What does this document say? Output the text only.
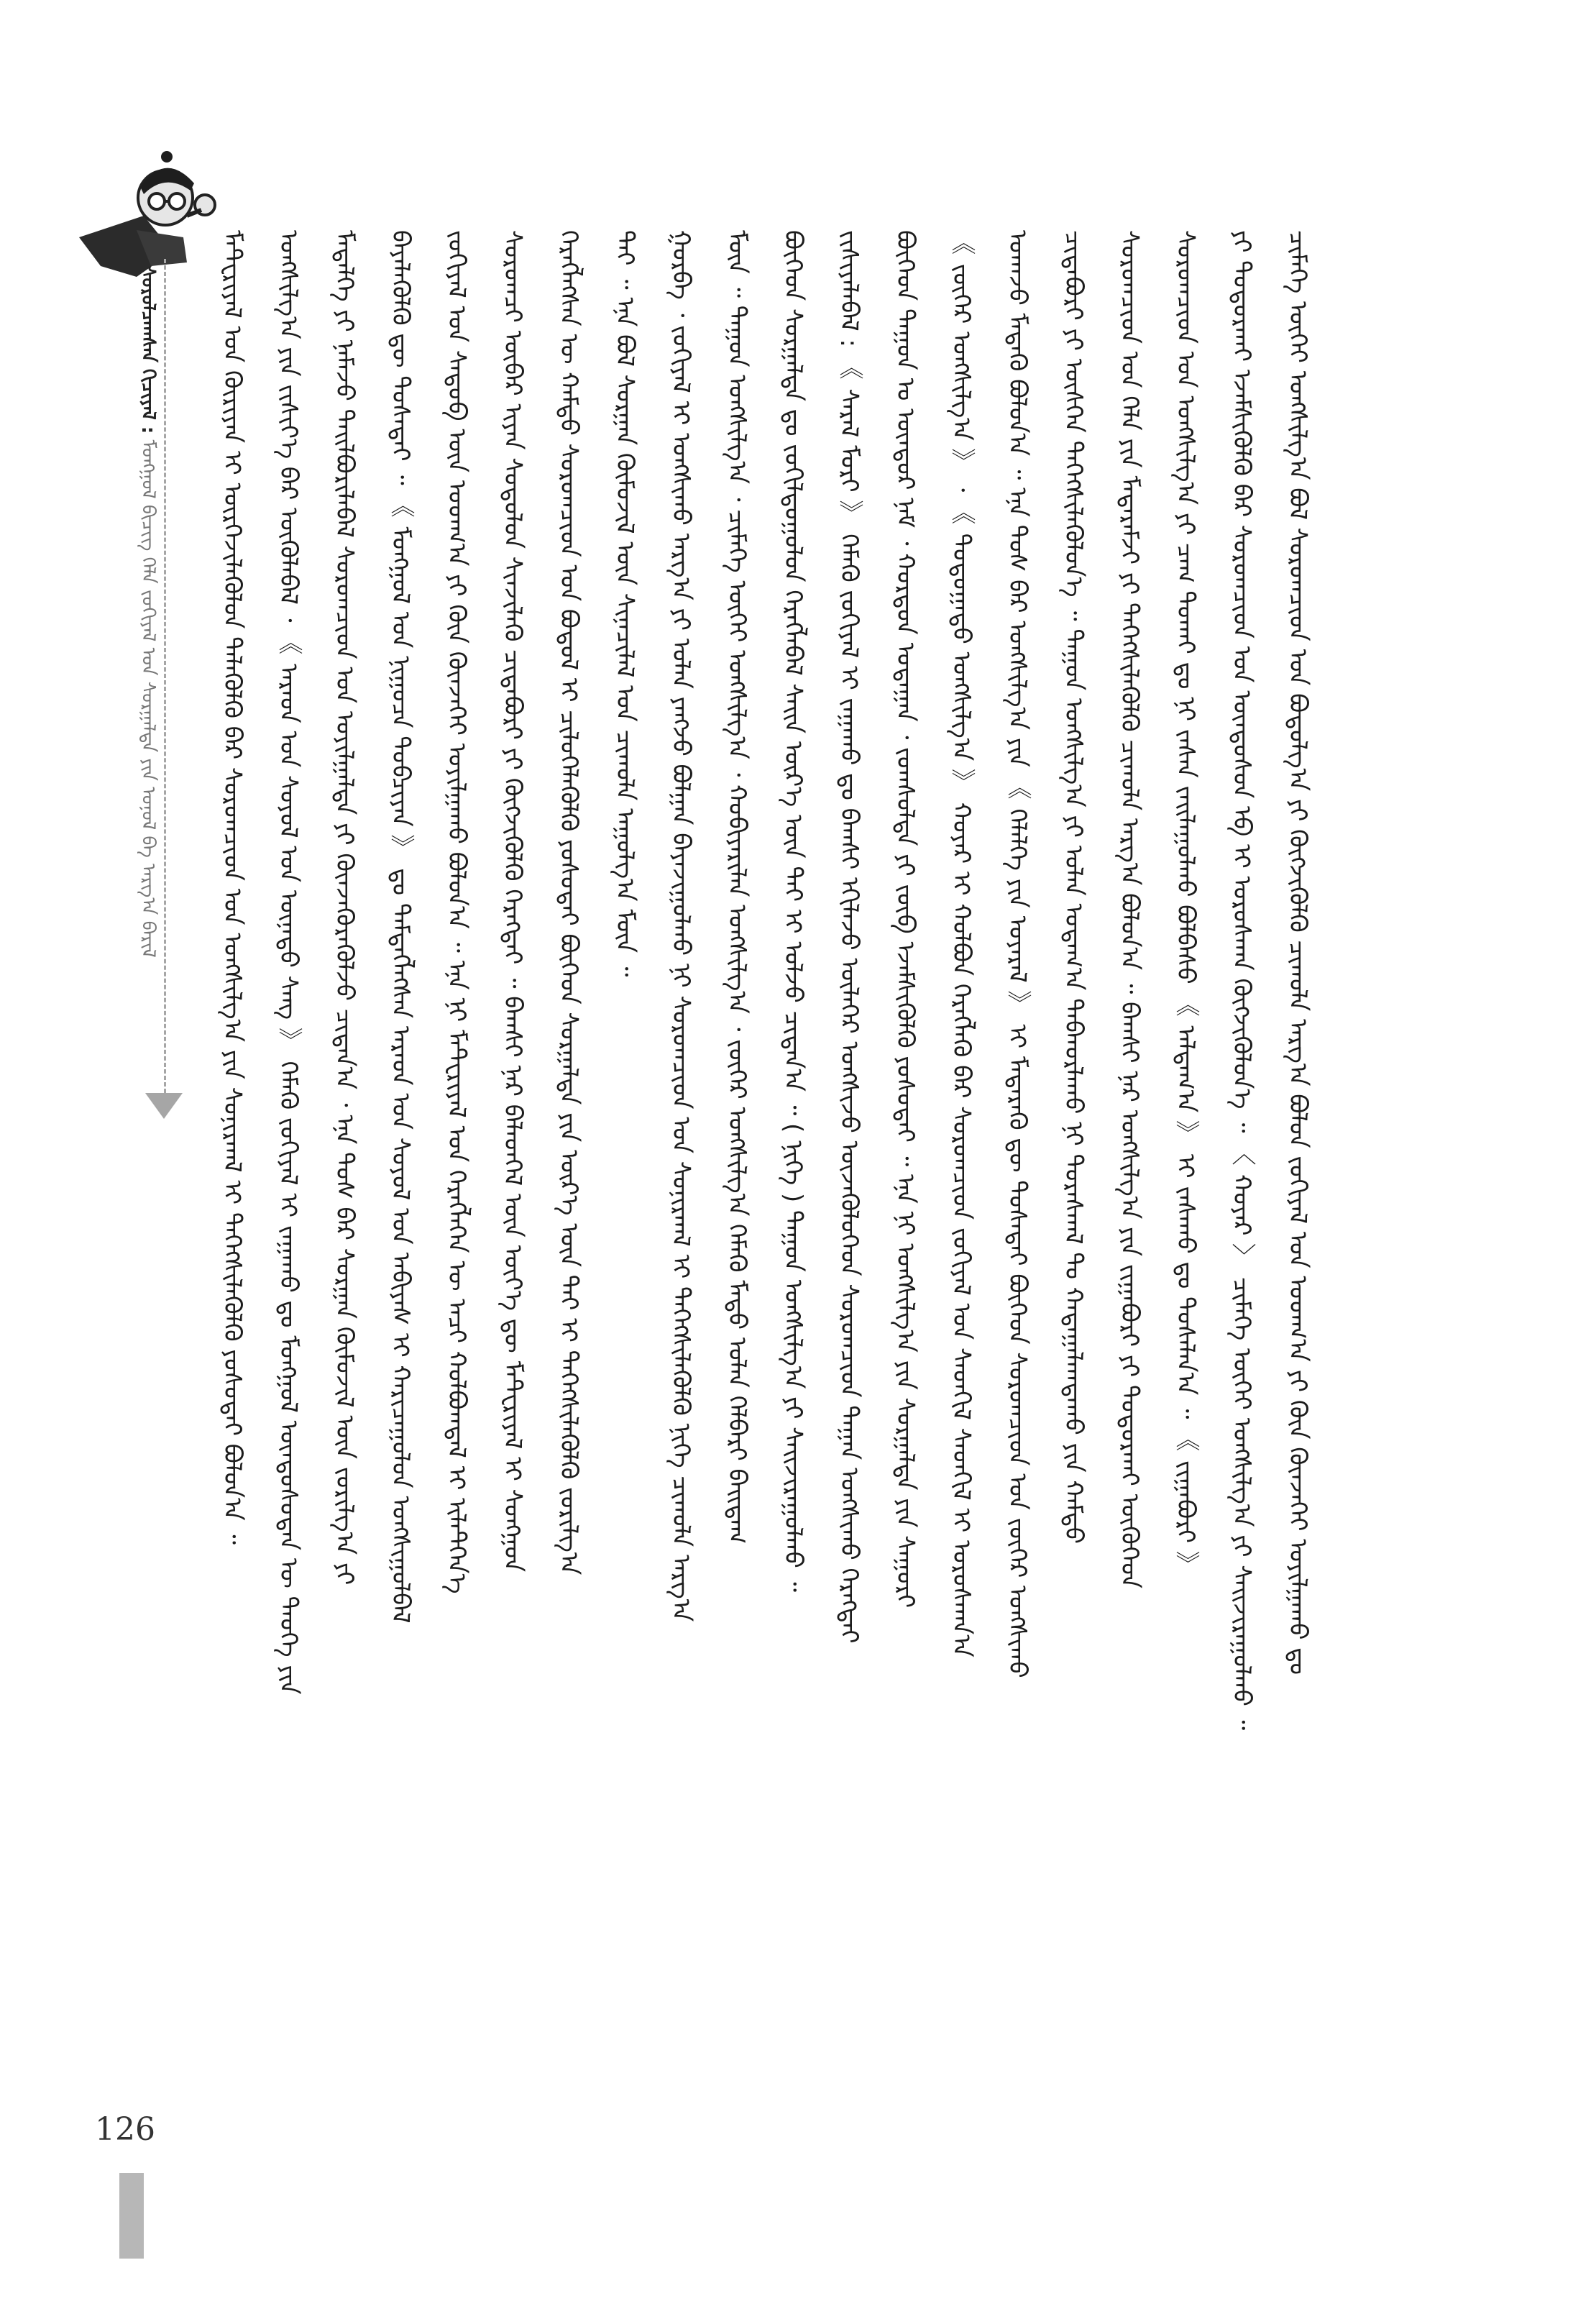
ᠰᠤᠷᠤᠯᠴᠠᠭᠰᠠᠨ ᠬᠢᠴᠢᠶᠡᠯ : ᠮᠣᠩᠭᠣᠯ ᠪᠢᠴᠢᠭ ᠬᠡᠯᠡ ᠵᠣᠬᠢᠶᠠᠯ ᠤᠨ ᠰᠤᠷᠭᠠᠯᠲᠠ ᠶᠢᠨ ᠣᠨᠣᠯ ᠪᠠ ᠠᠷᠭ᠎ᠠ ᠪᠠᠷᠢᠯ ᠮᠠᠲᠧᠷᠢᠶᠠᠯ ᠤᠨ ᠬᠦᠷᠢᠶᠡᠨ ᠢ ᠦᠷᠭᠡᠵᠢᠯᠡᠭᠦᠯᠦᠨ ᠲᠡᠯᠡᠭᠦᠯᠬᠦ ᠪᠡᠷ ᠰᠤᠷᠤᠭᠴᠢᠳ ᠤᠨ ᠤᠩᠰᠢᠯᠭ᠎ᠠ ᠶᠢᠨ ᠰᠣᠨᠢᠷᠬᠠᠯ ᠢ ᠳᠡᠭᠡᠭᠰᠢᠯᠡᠭᠦᠯᠬᠦ ᠶᠣᠰᠣᠲᠠᠢ ᠪᠣᠯᠤᠨ᠎ᠠ ᠃ ᠤᠩᠰᠢᠯᠭ᠎ᠠ ᠶᠢᠨ ᠵᠢᠱᠢᠶ᠎ᠡ ᠪᠡᠷ ᠦᠭᠦᠯᠡᠪᠡᠯ ᠂ 《 ᠠᠷᠠᠳ ᠤᠨ ᠰᠣᠶᠣᠯ ᠤᠨ ᠦᠨᠡᠲᠦ ᠰᠠᠩ 》 ᠬᠡᠮᠡᠬᠦ ᠵᠣᠬᠢᠶᠠᠯ ᠢ ᠵᠠᠭᠠᠬᠤ ᠳᠤ ᠮᠣᠩᠭᠣᠯ ᠦᠨᠳᠦᠰᠦᠲᠡᠨ ᠦ ᠲᠡᠦᠬᠡ ᠶᠢᠨ ᠮᠡᠳᠡᠯᠭᠡ ᠶᠢ ᠨᠡᠮᠡᠵᠦ ᠲᠠᠢᠯᠪᠤᠷᠢᠯᠠᠪᠠᠯ ᠰᠤᠷᠤᠭᠴᠢᠳ ᠤᠨ ᠣᠶᠢᠯᠭᠠᠯᠲᠠ ᠶᠢ ᠭᠦᠨᠵᠡᠭᠦᠷᠡᠭᠦᠯᠵᠦ ᠴᠢᠳᠠᠨ᠎ᠠ ᠂ ᠡᠨᠡ ᠲᠤᠰ ᠪᠡᠷ ᠰᠤᠷᠭᠠᠨ ᠬᠦᠮᠦᠵᠢᠯ ᠦᠨ ᠵᠣᠷᠢᠯᠭ᠎ᠠ ᠶᠢ ᠪᠡᠶᠡᠯᠡᠭᠦᠯᠬᠦ ᠳᠦ ᠲᠤᠰᠠᠲᠠᠢ ᠃ 《 ᠮᠣᠩᠭᠣᠯ ᠤᠨ ᠨᠢᠭᠤᠴᠠ ᠲᠣᠪᠴᠢᠶᠠᠨ 》 ᠳᠤ ᠲᠡᠮᠳᠡᠭᠯᠡᠭᠰᠡᠨ ᠠᠷᠠᠳ ᠤᠨ ᠰᠣᠶᠣᠯ ᠤᠨ ᠠᠪᠢᠶᠠᠰ ᠢ ᠬᠠᠷᠢᠴᠠᠭᠤᠯᠤᠨ ᠤᠩᠰᠢᠭᠤᠯᠪᠠᠯ ᠵᠣᠬᠢᠶᠠᠯ ᠤᠨ ᠰᠡᠳᠦᠪ ᠦᠨ ᠤᠳᠬ᠎ᠠ ᠶᠢ ᠭᠦᠨ ᠭᠦᠨᠵᠡᠭᠡᠢ ᠣᠶᠢᠯᠭᠠᠬᠤ ᠪᠣᠯᠤᠨ᠎ᠠ ᠃ ᠡᠨᠡ ᠨᠢ ᠮᠠᠲᠧᠷᠢᠶᠠᠯ ᠤᠨ ᠬᠡᠷᠡᠭᠯᠡᠭᠡᠨ ᠦ ᠠᠴᠢ ᠬᠣᠯᠪᠣᠭᠳᠠᠯ ᠢ ᠢᠯᠡᠲᠭᠡᠨ᠎ᠡ ᠰᠤᠷᠤᠭᠴᠢ ᠦᠪᠡᠷ ᠢᠶᠡᠨ ᠰᠤᠳᠤᠯᠤᠨ ᠰᠢᠨᠵᠢᠯᠡᠬᠦ ᠴᠢᠳᠠᠪᠤᠷᠢ ᠶᠢ ᠬᠥᠭᠵᠢᠭᠦᠯᠬᠦ ᠬᠡᠷᠡᠭᠲᠡᠢ ᠃ ᠪᠠᠭᠰᠢ ᠨᠠᠷ ᠪᠡᠯᠡᠳᠬᠡᠯ ᠦᠨ ᠦᠶ᠎ᠡ ᠳᠦ ᠮᠠᠲᠧᠷᠢᠶᠠᠯ ᠢ ᠰᠣᠩᠭᠣᠨ ᠬᠡᠷᠡᠭᠯᠡᠭᠰᠡᠨ ᠦ ᠬᠠᠮᠲᠤ ᠰᠤᠷᠤᠭᠴᠢᠳ ᠤᠨ ᠪᠣᠳᠣᠯ ᠢ ᠴᠢᠯᠦᠭᠡᠯᠡᠭᠦᠯᠬᠦ ᠶᠣᠰᠣᠲᠠᠢ ᠪᠥᠭᠡᠳ ᠰᠤᠷᠭᠠᠯᠲᠠ ᠶᠢᠨ ᠦᠷ᠎ᠡ ᠦᠨ ᠲᠡᠶ ᠢ ᠳᠡᠭᠡᠭᠰᠢᠯᠡᠭᠦᠯᠬᠦ ᠵᠣᠷᠢᠯᠭ᠎ᠠ ᠲᠠᠢ ᠃ ᠡᠨᠡ ᠪᠣᠯ ᠰᠤᠷᠭᠠᠨ ᠬᠦᠮᠦᠵᠢᠯ ᠦᠨ ᠰᠢᠨᠡᠴᠢᠯᠡᠯ ᠤᠨ ᠴᠢᠬᠤᠯᠠ ᠠᠭᠤᠯᠭ᠎ᠠ ᠮᠥᠨ ᠃ ᠭᠤᠷᠪᠠ ᠂ ᠵᠣᠬᠢᠶᠠᠯ ᠢ ᠤᠩᠰᠢᠬᠤ ᠠᠷᠭ᠎ᠠ ᠶᠢ ᠣᠯᠠᠨ ᠶᠠᠩᠵᠤ ᠪᠣᠯᠭᠠᠨ ᠪᠠᠶᠠᠵᠢᠭᠤᠯᠬᠤ ᠨᠢ ᠰᠤᠷᠤᠭᠴᠢᠳ ᠤᠨ ᠰᠣᠨᠢᠷᠬᠠᠯ ᠢ ᠳᠡᠭᠡᠭᠰᠢᠯᠡᠭᠦᠯᠬᠦ ᠨᠢᠭᠡ ᠴᠢᠬᠤᠯᠠ ᠠᠷᠭ᠎ᠠ ᠮᠥᠨ ᠃ ᠳᠠᠭᠤᠨ ᠤᠩᠰᠢᠯᠭ᠎ᠠ ᠂ ᠴᠢᠮᠡᠭᠡ ᠦᠭᠡᠢ ᠤᠩᠰᠢᠯᠭ᠎ᠠ ᠂ ᠬᠤᠪᠢᠶᠠᠷᠢᠯᠠᠨ ᠤᠩᠰᠢᠯᠭ᠎ᠠ ᠂ ᠵᠦᠭᠡᠷ ᠤᠩᠰᠢᠯᠭ᠎ᠠ ᠬᠡᠮᠡᠬᠦ ᠮᠡᠲᠦ ᠣᠯᠠᠨ ᠬᠡᠯᠪᠡᠷᠢ ᠪᠠᠢᠳᠠᠭ ᠪᠥᠭᠡᠳ ᠰᠤᠷᠭᠠᠯᠲᠠ ᠳᠤ ᠵᠣᠬᠢᠯᠳᠤᠭᠤᠯᠤᠨ ᠬᠡᠷᠡᠭᠯᠡᠪᠡᠯ ᠰᠠᠢᠨ ᠦᠷ᠎ᠡ ᠦᠨ ᠲᠡᠶ ᠢ ᠣᠯᠵᠤ ᠴᠢᠳᠠᠨ᠎ᠠ ᠃ ( ᠨᠢᠭᠡ ) ᠳᠠᠭᠤᠨ ᠤᠩᠰᠢᠯᠭ᠎ᠠ ᠶᠢ ᠰᠠᠢᠵᠢᠷᠠᠭᠤᠯᠬᠤ ᠃ ᠵᠢᠱᠢᠶᠡᠯᠡᠪᠡᠯ : 《 ᠰᠠᠷᠠᠯ ᠮᠣᠷᠢ 》 ᠬᠡᠮᠡᠬᠦ ᠵᠣᠬᠢᠶᠠᠯ ᠢ ᠵᠠᠭᠠᠬᠤ ᠳᠤ ᠪᠠᠭᠰᠢ ᠡᠬᠢᠯᠡᠵᠦ ᠦᠯᠡᠭᠡᠷ ᠤᠩᠰᠢᠵᠤ ᠦᠵᠡᠭᠦᠯᠦᠭᠡᠳ ᠰᠤᠷᠤᠭᠴᠢᠳ ᠳᠠᠭᠠᠨ ᠤᠩᠰᠢᠬᠤ ᠬᠡᠷᠡᠭᠲᠡᠢ ᠪᠥᠭᠡᠳ ᠳᠠᠭᠤᠨ ᠤ ᠥᠨᠳᠦᠷ ᠨᠠᠮ ᠂ ᠬᠤᠷᠳᠤᠨ ᠤᠳᠠᠭᠠᠨ ᠂ ᠵᠣᠭᠰᠣᠯᠲᠠ ᠶᠢ ᠵᠥᠪ ᠡᠵᠡᠮᠰᠢᠭᠦᠯᠬᠦ ᠶᠣᠰᠣᠲᠠᠢ ᠃ ᠡᠨᠡ ᠨᠢ ᠤᠩᠰᠢᠯᠭ᠎ᠠ ᠶᠢᠨ ᠰᠤᠷᠭᠠᠯᠲᠠ ᠶᠢᠨ ᠰᠠᠭᠤᠷᠢ 《 ᠵᠦᠭᠡᠷ ᠤᠩᠰᠢᠯᠭ᠎ᠠ 》 ᠂ 《 ᠳᠣᠲᠣᠭᠠᠳᠤ ᠤᠩᠰᠢᠯᠭ᠎ᠠ 》 ᠬᠣᠶᠠᠷ ᠢ ᠬᠣᠯᠪᠣᠨ ᠬᠡᠷᠡᠭᠯᠡᠬᠦ ᠪᠠᠷ ᠰᠤᠷᠤᠭᠴᠢᠳ ᠵᠣᠬᠢᠶᠠᠯ ᠤᠨ ᠰᠡᠳᠬᠢᠯ ᠰᠡᠳᠬᠢᠯ ᠢ ᠤᠷᠤᠰᠬᠠᠨ᠎ᠠ ᠤᠬᠠᠵᠤ ᠮᠡᠳᠡᠬᠦ ᠪᠣᠯᠤᠨ᠎ᠠ ᠃ ᠡᠨᠡ ᠲᠤᠰ ᠪᠡᠷ ᠤᠩᠰᠢᠯᠭ᠎ᠠ ᠶᠢᠨ 《 ᠬᠡᠯᠡᠯᠭᠡ ᠶᠢᠨ ᠤᠶᠠᠷᠠᠯ 》 ᠢ ᠮᠡᠳᠡᠷᠡᠬᠦ ᠳᠦ ᠲᠤᠰᠠᠲᠠᠢ ᠪᠥᠭᠡᠳ ᠰᠤᠷᠤᠭᠴᠢᠳ ᠤᠨ ᠵᠦᠭᠡᠷ ᠤᠩᠰᠢᠬᠤ ᠴᠢᠳᠠᠪᠤᠷᠢ ᠶᠢ ᠥᠰᠬᠡᠨ ᠳᠡᠭᠡᠭᠰᠢᠯᠡᠭᠦᠯᠦᠨ᠎ᠡ ᠃ ᠳᠠᠭᠤᠨ ᠤᠩᠰᠢᠯᠭ᠎ᠠ ᠶᠢ ᠣᠯᠠᠨ ᠤᠳᠠᠭ᠎ᠠ ᠳᠠᠪᠬᠤᠷᠯᠠᠬᠤ ᠨᠢ ᠳᠤᠷᠠᠰᠬᠠᠯ ᠲᠤ ᠬᠠᠳᠠᠭᠠᠯᠠᠭᠳᠠᠬᠤ ᠶᠢᠨ ᠬᠠᠮᠲᠤ ᠰᠤᠷᠤᠭᠴᠢᠳ ᠤᠨ ᠬᠡᠯᠡ ᠶᠢᠨ ᠮᠡᠳᠡᠷᠡᠮᠵᠢ ᠶᠢ ᠳᠡᠭᠡᠭᠰᠢᠯᠡᠭᠦᠯᠬᠦ ᠴᠢᠬᠤᠯᠠ ᠠᠷᠭ᠎ᠠ ᠪᠣᠯᠤᠨ᠎ᠠ ᠃ ᠪᠠᠭᠰᠢ ᠨᠠᠷ ᠤᠩᠰᠢᠯᠭ᠎ᠠ ᠶᠢᠨ ᠵᠢᠭᠠᠪᠤᠷᠢ ᠶᠢ ᠲᠣᠳᠤᠷᠬᠠᠢ ᠥᠭᠦᠭᠡᠳ ᠰᠤᠷᠤᠭᠴᠢᠳ ᠤᠨ ᠤᠩᠰᠢᠯᠭ᠎ᠠ ᠶᠢ ᠴᠠᠭ ᠲᠤᠬᠠᠢ ᠳᠤ ᠨᠢ ᠵᠠᠰᠠᠨ ᠵᠠᠢᠯᠠᠭᠤᠯᠬᠤ ᠪᠣᠯᠪᠠᠰᠤ 《 ᠠᠯᠳᠠᠭ᠎ᠠ 》 ᠢ ᠵᠠᠰᠠᠬᠤ ᠳᠤ ᠲᠤᠰᠠᠯᠠᠨ᠎ᠠ ᠃ 《 ᠵᠢᠭᠠᠪᠤᠷᠢ 》 ᠶᠢ ᠲᠣᠳᠤᠷᠬᠠᠢ ᠡᠵᠡᠮᠰᠢᠭᠦᠯᠬᠦ ᠪᠠᠷ ᠰᠤᠷᠤᠭᠴᠢᠳ ᠤᠨ ᠦᠨᠳᠦᠰᠦᠨ ᠡᠪ ᠢ ᠤᠷᠤᠰᠬᠠᠨ ᠬᠥᠭᠵᠢᠭᠦᠯᠦᠨ᠎ᠡ ᠃ 〈 ᠬᠣᠶᠠᠷ 〉 ᠴᠢᠮᠡᠭᠡ ᠦᠭᠡᠢ ᠤᠩᠰᠢᠯᠭ᠎ᠠ ᠶᠢ ᠰᠠᠢᠵᠢᠷᠠᠭᠤᠯᠬᠤ ᠃ ᠴᠢᠮᠡᠭᠡ ᠦᠭᠡᠢ ᠤᠩᠰᠢᠯᠭ᠎ᠠ ᠪᠣᠯ ᠰᠤᠷᠤᠭᠴᠢᠳ ᠤᠨ ᠪᠣᠳᠣᠯᠭ᠎ᠠ ᠶᠢ ᠬᠥᠭᠵᠢᠭᠦᠯᠬᠦ ᠴᠢᠬᠤᠯᠠ ᠠᠷᠭ᠎ᠠ ᠪᠣᠯᠤᠨ ᠵᠣᠬᠢᠶᠠᠯ ᠤᠨ ᠤᠳᠬ᠎ᠠ ᠶᠢ ᠭᠦᠨ ᠭᠦᠨᠵᠡᠭᠡᠢ ᠣᠶᠢᠯᠭᠠᠬᠤ ᠳᠤ
126
